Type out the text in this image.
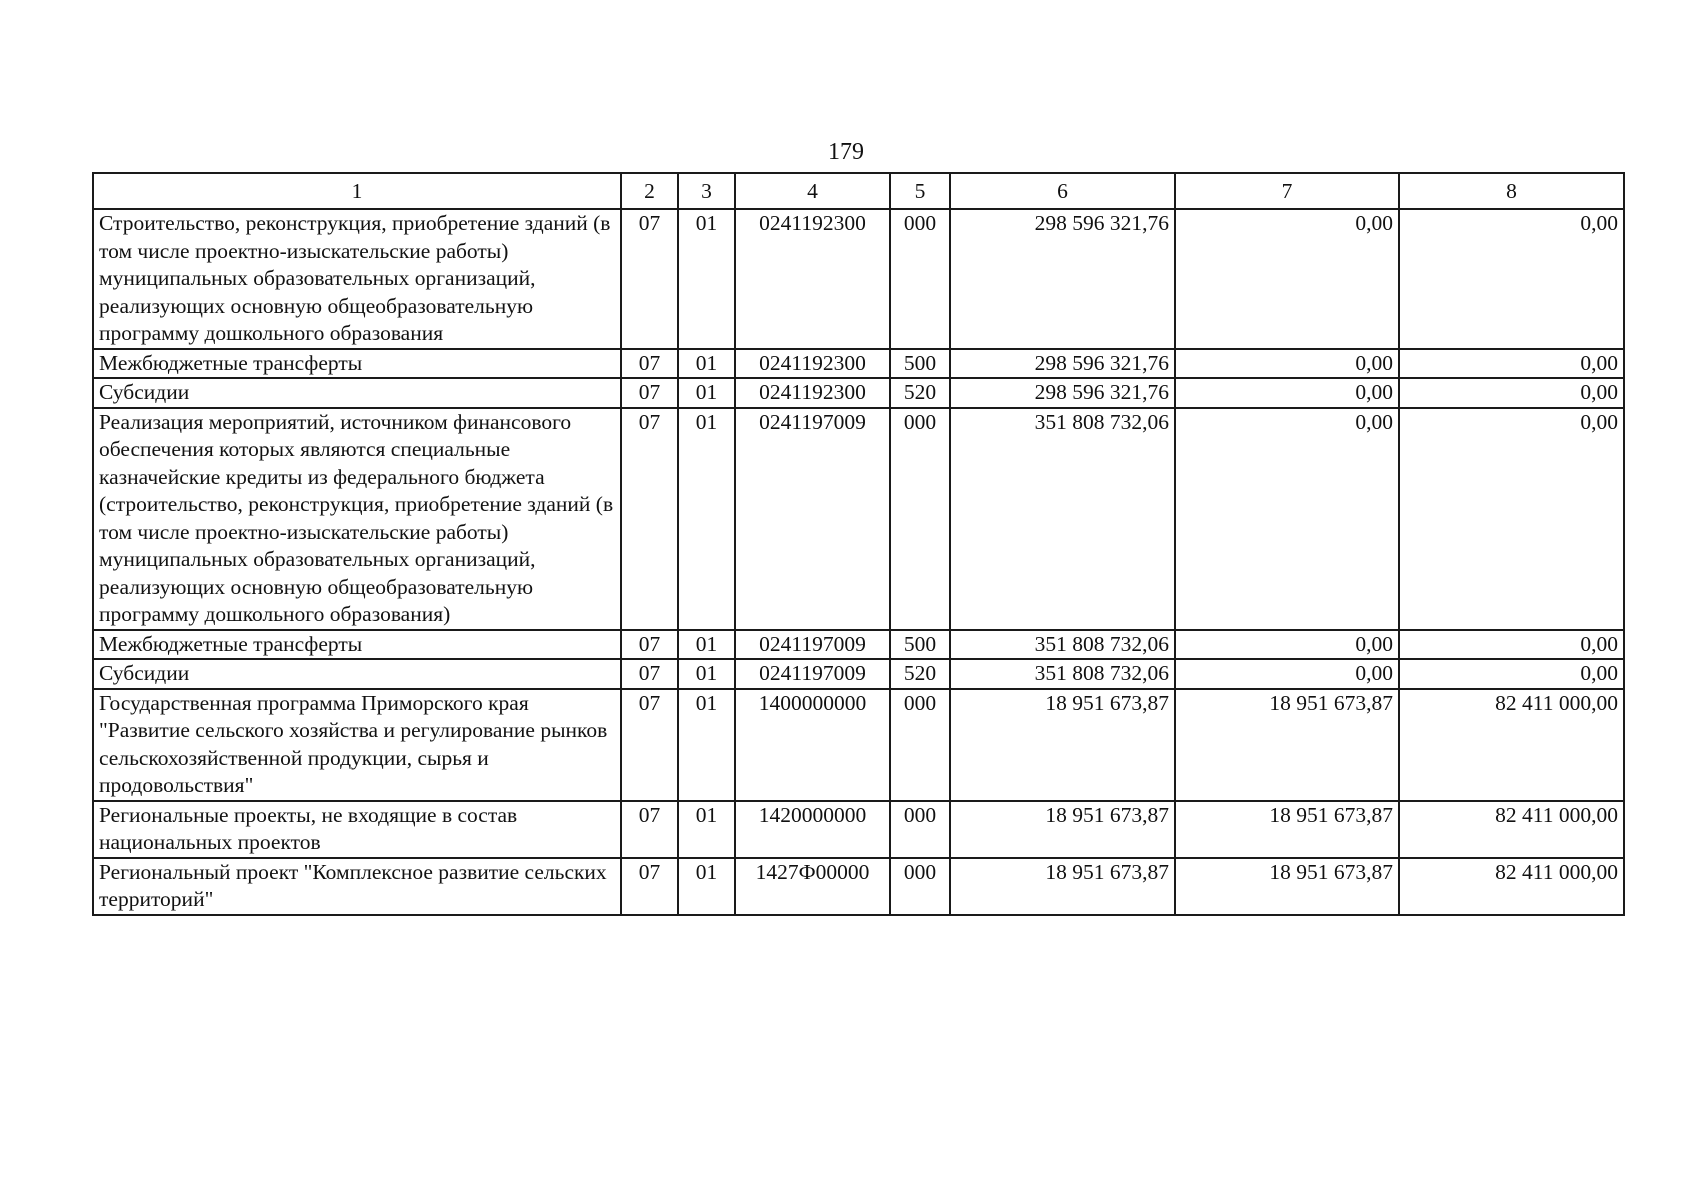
179
1	2	3	4	5	6	7	8
Строительство, реконструкция, приобретение зданий (в том числе проектно-изыскательские работы) муниципальных образовательных организаций, реализующих основную общеобразовательную программу дошкольного образования	07	01	0241192300	000	298 596 321,76	0,00	0,00
Межбюджетные трансферты	07	01	0241192300	500	298 596 321,76	0,00	0,00
Субсидии	07	01	0241192300	520	298 596 321,76	0,00	0,00
Реализация мероприятий, источником финансового обеспечения которых являются специальные казначейские кредиты из федерального бюджета (строительство, реконструкция, приобретение зданий (в том числе проектно-изыскательские работы) муниципальных образовательных организаций, реализующих основную общеобразовательную программу дошкольного образования)	07	01	0241197009	000	351 808 732,06	0,00	0,00
Межбюджетные трансферты	07	01	0241197009	500	351 808 732,06	0,00	0,00
Субсидии	07	01	0241197009	520	351 808 732,06	0,00	0,00
Государственная программа Приморского края "Развитие сельского хозяйства и регулирование рынков сельскохозяйственной продукции, сырья и продовольствия"	07	01	1400000000	000	18 951 673,87	18 951 673,87	82 411 000,00
Региональные проекты, не входящие в состав национальных проектов	07	01	1420000000	000	18 951 673,87	18 951 673,87	82 411 000,00
Региональный проект "Комплексное развитие сельских территорий"	07	01	1427Ф00000	000	18 951 673,87	18 951 673,87	82 411 000,00
